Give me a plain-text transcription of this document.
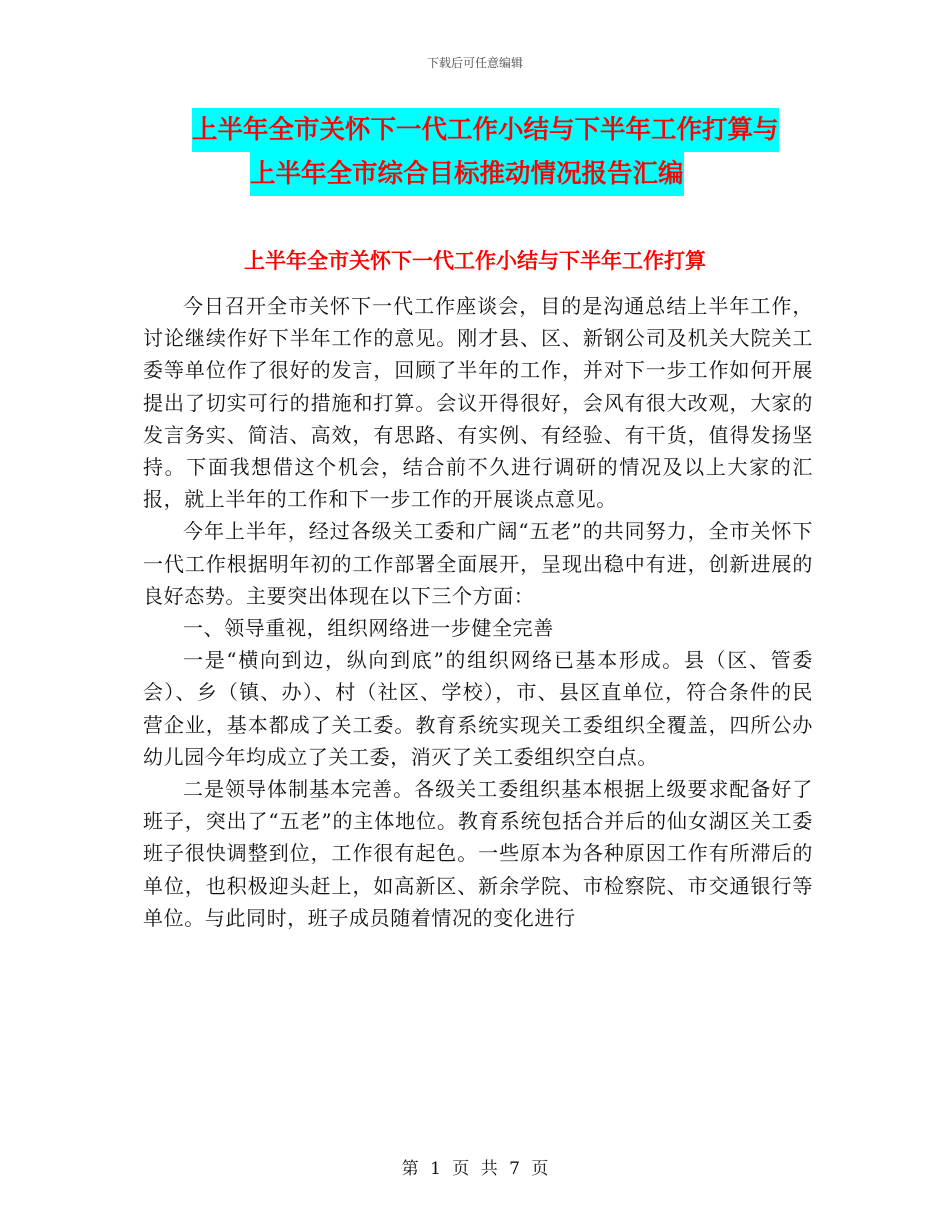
下载后可任意编辑
上半年全市关怀下一代工作小结与下半年工作打算与
上半年全市综合目标推动情况报告汇编
上半年全市关怀下一代工作小结与下半年工作打算

今日召开全市关怀下一代工作座谈会，目的是沟通总结上半年工作，讨论继续作好下半年工作的意见。刚才县、区、新钢公司及机关大院关工委等单位作了很好的发言，回顾了半年的工作，并对下一步工作如何开展提出了切实可行的措施和打算。会议开得很好，会风有很大改观，大家的发言务实、简洁、高效，有思路、有实例、有经验、有干货，值得发扬坚持。下面我想借这个机会，结合前不久进行调研的情况及以上大家的汇报，就上半年的工作和下一步工作的开展谈点意见。

今年上半年，经过各级关工委和广阔“五老”的共同努力，全市关怀下一代工作根据明年初的工作部署全面展开，呈现出稳中有进，创新进展的良好态势。主要突出体现在以下三个方面：

一、领导重视，组织网络进一步健全完善

一是“横向到边，纵向到底”的组织网络已基本形成。县（区、管委会）、乡（镇、办）、村（社区、学校），市、县区直单位，符合条件的民营企业，基本都成了关工委。教育系统实现关工委组织全覆盖，四所公办幼儿园今年均成立了关工委，消灭了关工委组织空白点。

二是领导体制基本完善。各级关工委组织基本根据上级要求配备好了班子，突出了“五老”的主体地位。教育系统包括合并后的仙女湖区关工委班子很快调整到位，工作很有起色。一些原本为各种原因工作有所滞后的单位，也积极迎头赶上，如高新区、新余学院、市检察院、市交通银行等单位。与此同时，班子成员随着情况的变化进行

第 1 页 共 7 页
